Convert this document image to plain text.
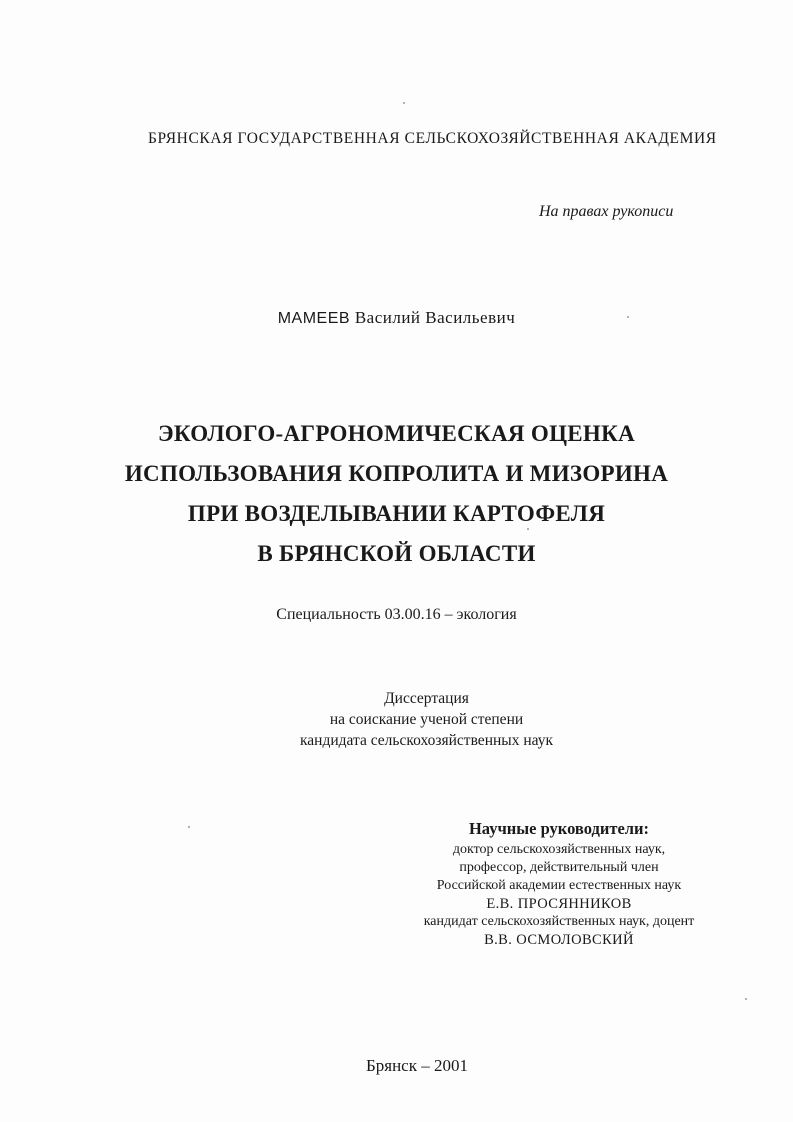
БРЯНСКАЯ ГОСУДАРСТВЕННАЯ СЕЛЬСКОХОЗЯЙСТВЕННАЯ АКАДЕМИЯ
На правах рукописи
МАМЕЕВ Василий Васильевич
ЭКОЛОГО-АГРОНОМИЧЕСКАЯ ОЦЕНКА
ИСПОЛЬЗОВАНИЯ КОПРОЛИТА И МИЗОРИНА
ПРИ ВОЗДЕЛЫВАНИИ КАРТОФЕЛЯ
В БРЯНСКОЙ ОБЛАСТИ
Специальность 03.00.16 – экология
Диссертация
на соискание ученой степени
кандидата сельскохозяйственных наук
Научные руководители:
доктор сельскохозяйственных наук,
профессор, действительный член
Российской академии естественных наук
Е.В. ПРОСЯННИКОВ
кандидат сельскохозяйственных наук, доцент
В.В. ОСМОЛОВСКИЙ
Брянск – 2001
